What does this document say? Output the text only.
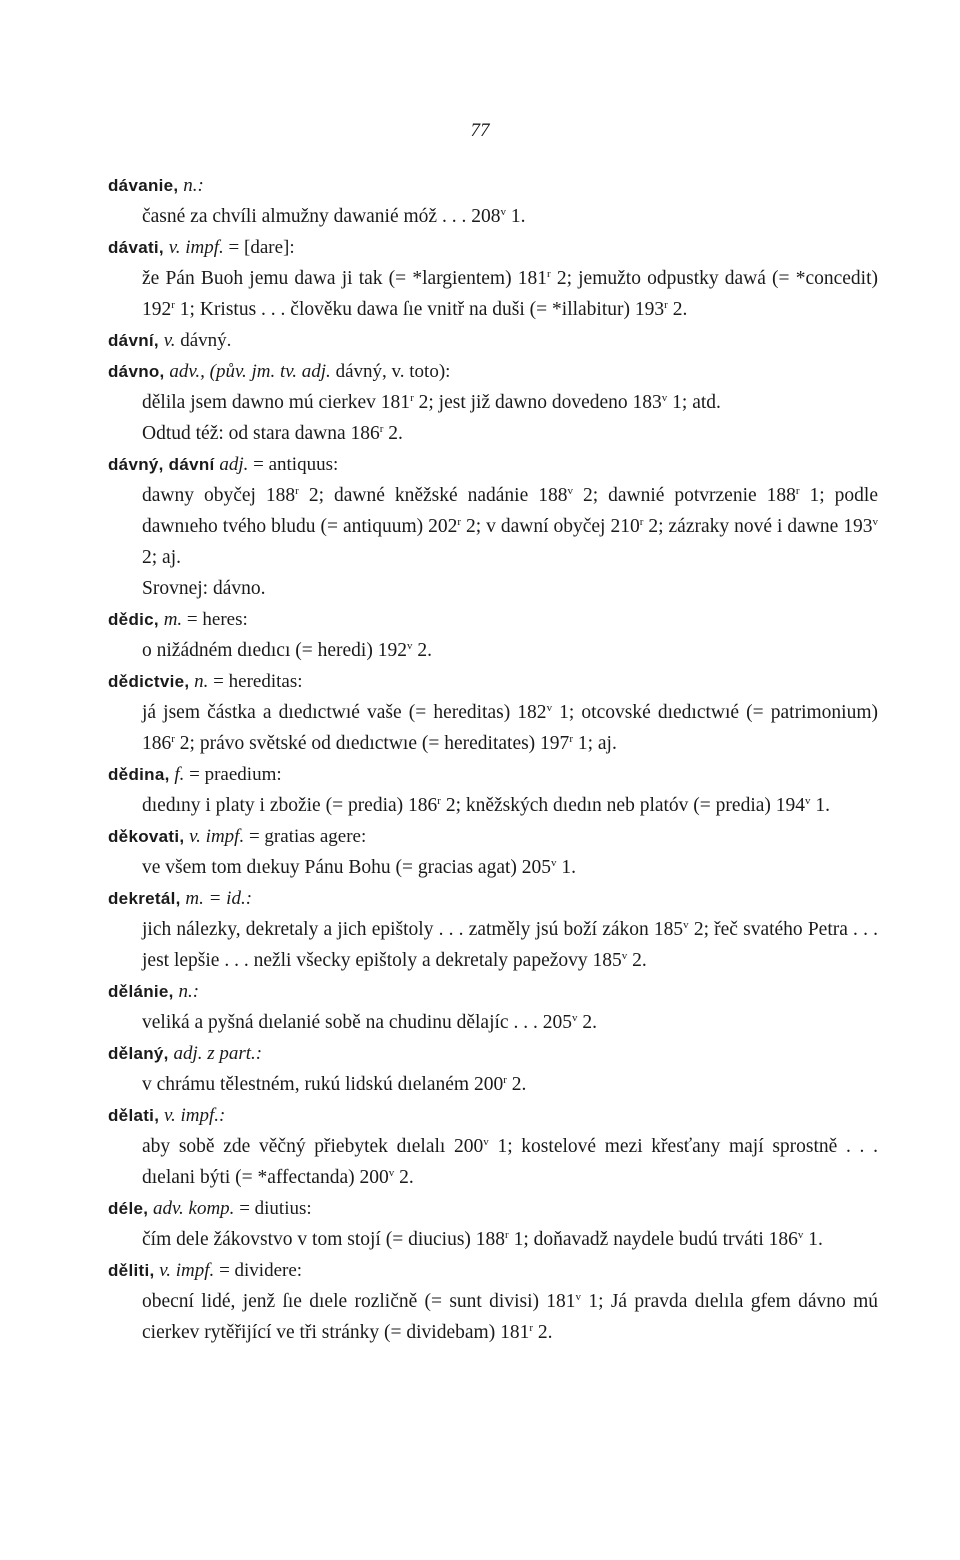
77
dávanie, n.:

časné za chvíli almužny dawanié móž . . . 208$^v$ 1.

dávati, v. impf. = [dare]:

že Pán Buoh jemu dawa ji tak (= *largientem) 181$^r$ 2; jemužto odpustky dawá (= *concedit) 192$^r$ 1; Kristus . . . člověku dawa ſıe vnitř na duši (= *illabitur) 193$^r$ 2.

dávní, v. dávný.
dávno, adv., (pův. jm. tv. adj. dávný, v. toto):

dělila jsem dawno mú cierkev 181$^r$ 2; jest již dawno dovedeno 183$^v$ 1; atd.

Odtud též: od stara dawna 186$^r$ 2.

dávný, dávní adj. = antiquus:

dawny obyčej 188$^r$ 2; dawné kněžské nadánie 188$^v$ 2; dawnié potvrzenie 188$^r$ 1; podle dawnıeho tvého bludu (= antiquum) 202$^r$ 2; v dawní obyčej 210$^r$ 2; zázraky nové i dawne 193$^v$ 2; aj.

Srovnej: dávno.

dědic, m. = heres:

o nižádném dıedıcı (= heredi) 192$^v$ 2.

dědictvie, n. = hereditas:

já jsem částka a dıedıctwıé vaše (= hereditas) 182$^v$ 1; otcovské dıedıctwıé (= patrimonium) 186$^r$ 2; právo světské od dıedıctwıe (= hereditates) 197$^r$ 1; aj.

dědina, f. = praedium:

dıedıny i platy i zbožie (= predia) 186$^r$ 2; kněžských dıedın neb platóv (= predia) 194$^v$ 1.

děkovati, v. impf. = gratias agere:

ve všem tom dıekuy Pánu Bohu (= gracias agat) 205$^v$ 1.

dekretál, m. = id.:

jich nálezky, dekretaly a jich epištoly . . . zatměly jsú boží zákon 185$^v$ 2; řeč svatého Petra . . . jest lepšie . . . nežli všecky epištoly a dekretaly papežovy 185$^v$ 2.

dělánie, n.:

veliká a pyšná dıelanié sobě na chudinu dělajíc . . . 205$^v$ 2.

dělaný, adj. z part.:

v chrámu tělestném, rukú lidskú dıelaném 200$^r$ 2.

dělati, v. impf.:

aby sobě zde věčný přiebytek dıelalı 200$^v$ 1; kostelové mezi křesťany mají sprostně . . . dıelani býti (= *affectanda) 200$^v$ 2.

déle, adv. komp. = diutius:

čím dele žákovstvo v tom stojí (= diucius) 188$^r$ 1; doňavadž naydele budú trváti 186$^v$ 1.

děliti, v. impf. = dividere:

obecní lidé, jenž ſıe dıele rozličně (= sunt divisi) 181$^v$ 1; Já pravda dıelıla gfem dávno mú cierkev rytěřijící ve tři stránky (= dividebam) 181$^r$ 2.
